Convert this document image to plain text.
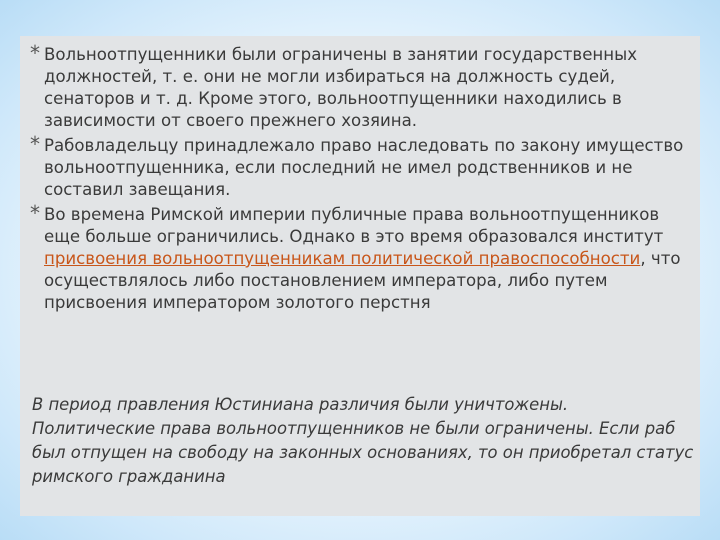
* Вольноотпущенники были ограничены в занятии государственных должностей, т. е. они не могли избираться на должность судей, сенаторов и т. д. Кроме этого, вольноотпущенники находились в зависимости от своего прежнего хозяина.
* Рабовладельцу принадлежало право наследовать по закону имущество вольноотпущенника, если последний не имел родственников и не составил завещания.
* Во времена Римской империи публичные права вольноотпущенников еще больше ограничились. Однако в это время образовался институт присвоения вольноотпущенникам политической правоспособности, что осуществлялось либо постановлением императора, либо путем присвоения императором золотого перстня
В период правления Юстиниана различия были уничтожены. Политические права вольноотпущенников не были ограничены. Если раб был отпущен на свободу на законных основаниях, то он приобретал статус римского гражданина
